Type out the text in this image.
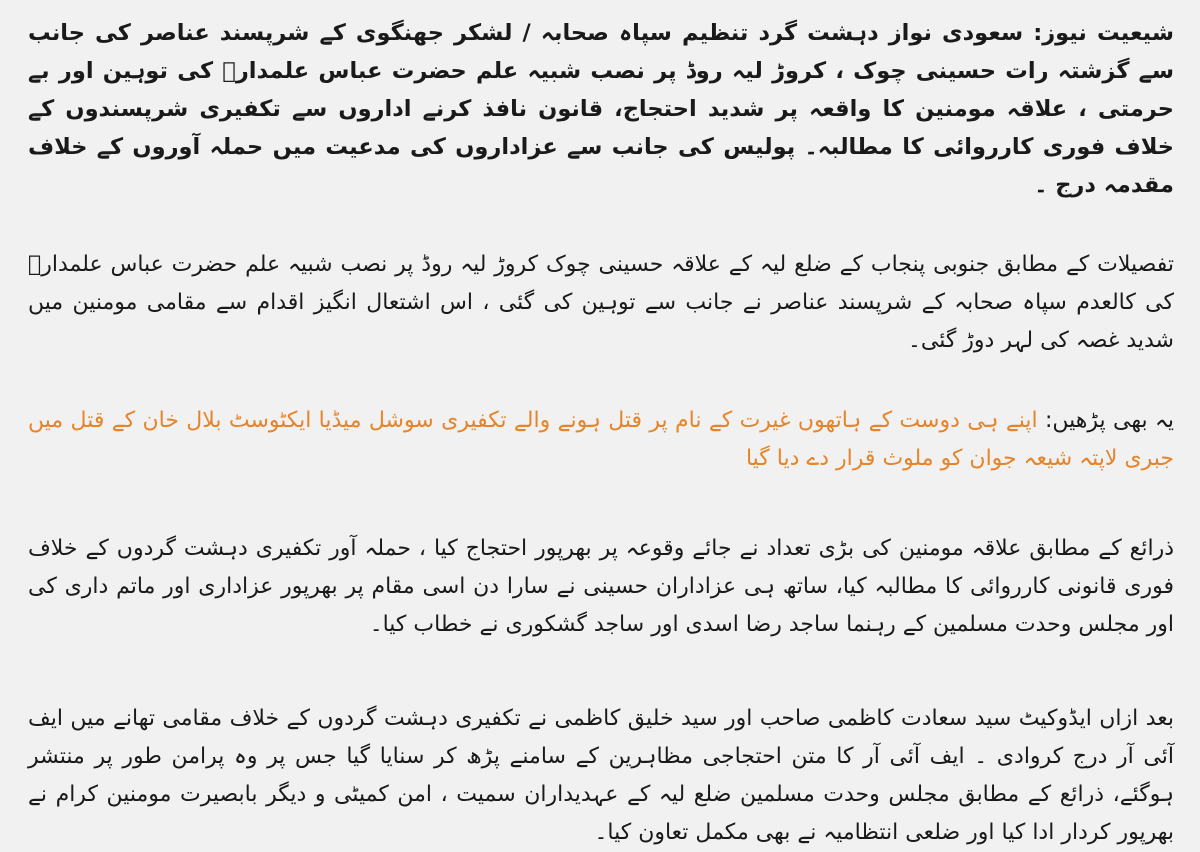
شیعیت نیوز: سعودی نواز دہشت گرد تنظیم سپاہ صحابہ / لشکر جھنگوی کے شرپسند عناصر کی جانب سے گزشتہ رات حسینی چوک ، کروڑ لیہ روڈ پر نصب شبیہ علم حضرت عباس علمدارؑ کی توہین اور بے حرمتی ، علاقہ مومنین کا واقعہ پر شدید احتجاج، قانون نافذ کرنے اداروں سے تکفیری شرپسندوں کے خلاف فوری کارروائی کا مطالبہ۔ پولیس کی جانب سے عزاداروں کی مدعیت میں حملہ آوروں کے خلاف مقدمہ درج ۔

تفصیلات کے مطابق جنوبی پنجاب کے ضلع لیہ کے علاقہ حسینی چوک کروڑ لیہ روڈ پر نصب شبیہ علم حضرت عباس علمدارؑ کی کالعدم سپاہ صحابہ کے شرپسند عناصر نے جانب سے توہین کی گئی ، اس اشتعال انگیز اقدام سے مقامی مومنین میں شدید غصہ کی لہر دوڑ گئی۔

یہ بھی پڑھیں: اپنے ہی دوست کے ہاتھوں غیرت کے نام پر قتل ہونے والے تکفیری سوشل میڈیا ایکٹوسٹ بلال خان کے قتل میں جبری لاپتہ شیعہ جوان کو ملوث قرار دے دیا گیا

ذرائع کے مطابق علاقہ مومنین کی بڑی تعداد نے جائے وقوعہ پر بھرپور احتجاج کیا ، حملہ آور تکفیری دہشت گردوں کے خلاف فوری قانونی کارروائی کا مطالبہ کیا، ساتھ ہی عزاداران حسینی نے سارا دن اسی مقام پر بھرپور عزاداری اور ماتم داری کی اور مجلس وحدت مسلمین کے رہنما ساجد رضا اسدی اور ساجد گشکوری نے خطاب کیا۔

بعد ازاں ایڈوکیٹ سید سعادت کاظمی صاحب اور سید خلیق کاظمی نے تکفیری دہشت گردوں کے خلاف مقامی تھانے میں ایف آئی آر درج کروادی ۔ ایف آئی آر کا متن احتجاجی مظاہرین کے سامنے پڑھ کر سنایا گیا جس پر وہ پرامن طور پر منتشر ہوگئے، ذرائع کے مطابق مجلس وحدت مسلمین ضلع لیہ کے عہدیداران سمیت ، امن کمیٹی و دیگر بابصیرت مومنین کرام نے بھرپور کردار ادا کیا اور ضلعی انتظامیہ نے بھی مکمل تعاون کیا۔
